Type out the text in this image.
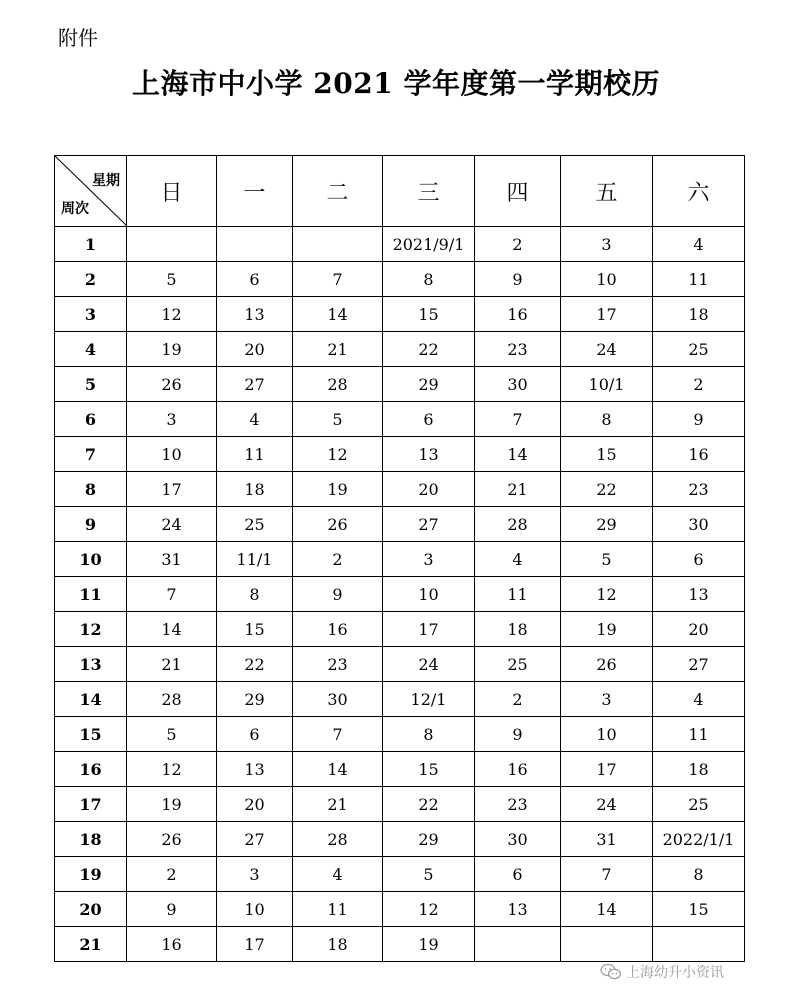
附件
上海市中小学 2021 学年度第一学期校历
星期
周次	日	一	二	三	四	五	六
1				2021/9/1	2	3	4
2	5	6	7	8	9	10	11
3	12	13	14	15	16	17	18
4	19	20	21	22	23	24	25
5	26	27	28	29	30	10/1	2
6	3	4	5	6	7	8	9
7	10	11	12	13	14	15	16
8	17	18	19	20	21	22	23
9	24	25	26	27	28	29	30
10	31	11/1	2	3	4	5	6
11	7	8	9	10	11	12	13
12	14	15	16	17	18	19	20
13	21	22	23	24	25	26	27
14	28	29	30	12/1	2	3	4
15	5	6	7	8	9	10	11
16	12	13	14	15	16	17	18
17	19	20	21	22	23	24	25
18	26	27	28	29	30	31	2022/1/1
19	2	3	4	5	6	7	8
20	9	10	11	12	13	14	15
21	16	17	18	19			
上海幼升小资讯
